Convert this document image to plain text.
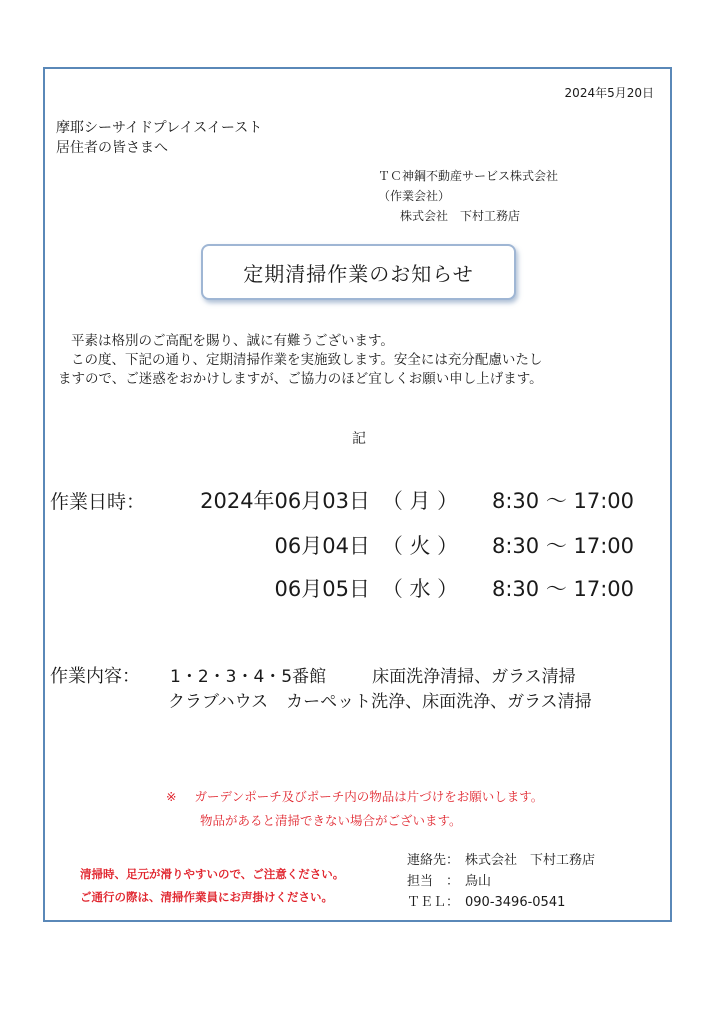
2024年5月20日
摩耶シーサイドプレイスイースト
居住者の皆さまへ
ＴＣ神鋼不動産サービス株式会社
（作業会社）
株式会社　下村工務店
定期清掃作業のお知らせ
平素は格別のご高配を賜り、誠に有難うございます。
この度、下記の通り、定期清掃作業を実施致します。安全には充分配慮いたし
ますので、ご迷惑をおかけしますが、ご協力のほど宜しくお願い申し上げます。
記
作業日時：	2024年06月03日 （ 月 ） 8:30 〜 17:00
06月04日 （ 火 ） 8:30 〜 17:00
06月05日 （ 水 ） 8:30 〜 17:00
作業内容： 1・2・3・4・5番館	床面洗浄清掃、ガラス清掃
クラブハウス カーペット洗浄、床面洗浄、ガラス清掃
※ ガーデンポーチ及びポーチ内の物品は片づけをお願いします。
物品があると清掃できない場合がございます。
清掃時、足元が滑りやすいので、ご注意ください。
ご通行の際は、清掃作業員にお声掛けください。
連絡先： 株式会社　下村工務店
担当　： 鳥山
ＴＥＬ： 090-3496-0541
